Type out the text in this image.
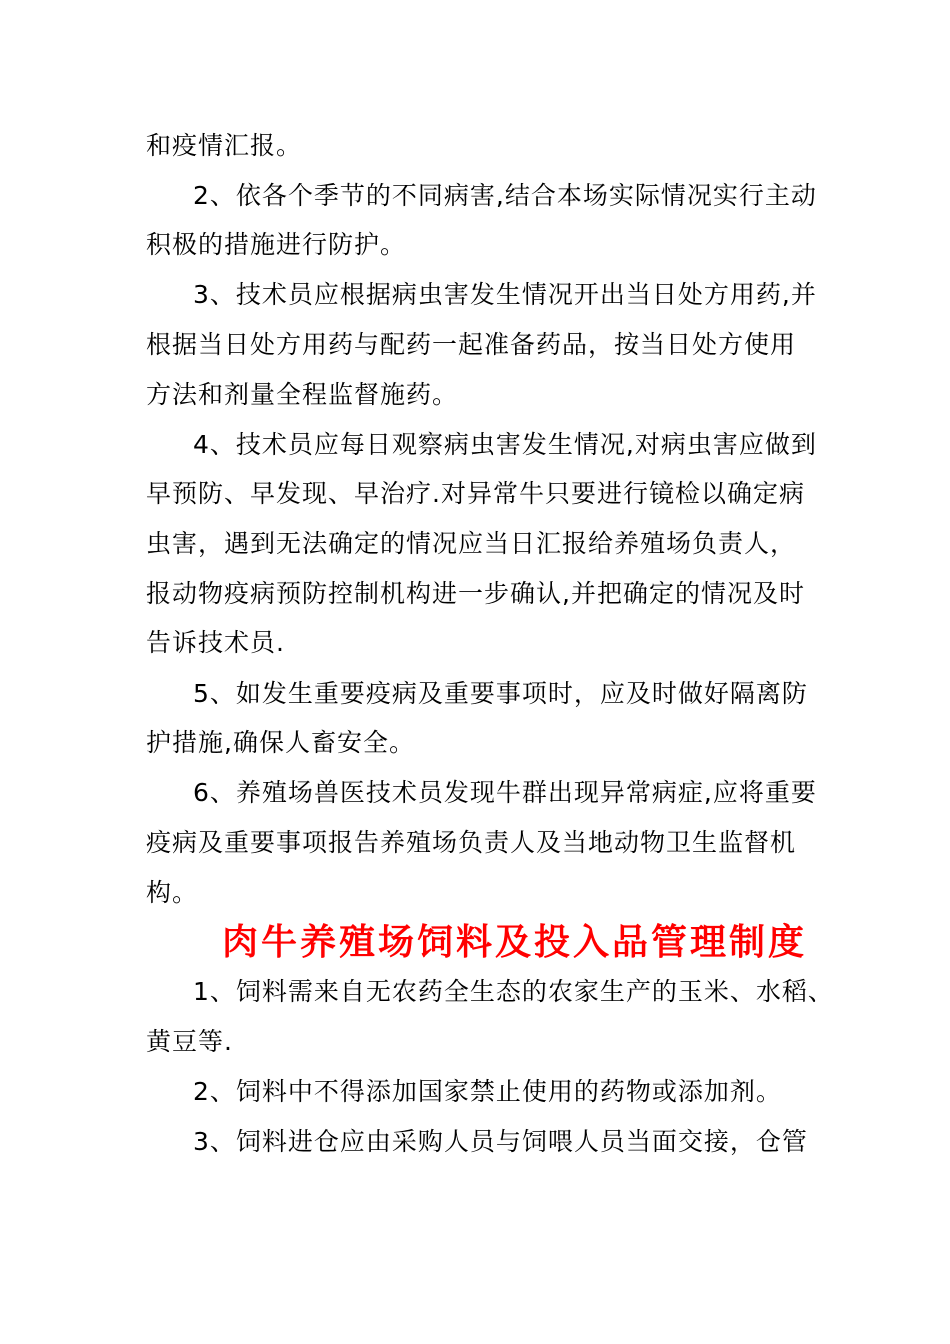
和疫情汇报。
2、依各个季节的不同病害,结合本场实际情况实行主动
积极的措施进行防护。
3、技术员应根据病虫害发生情况开出当日处方用药,并
根据当日处方用药与配药一起准备药品，按当日处方使用
方法和剂量全程监督施药。
4、技术员应每日观察病虫害发生情况,对病虫害应做到
早预防、早发现、早治疗.对异常牛只要进行镜检以确定病
虫害，遇到无法确定的情况应当日汇报给养殖场负责人，
报动物疫病预防控制机构进一步确认,并把确定的情况及时
告诉技术员.
5、如发生重要疫病及重要事项时，应及时做好隔离防
护措施,确保人畜安全。
6、养殖场兽医技术员发现牛群出现异常病症,应将重要
疫病及重要事项报告养殖场负责人及当地动物卫生监督机
构。
肉牛养殖场饲料及投入品管理制度
1、饲料需来自无农药全生态的农家生产的玉米、水稻、
黄豆等.
2、饲料中不得添加国家禁止使用的药物或添加剂。
3、饲料进仓应由采购人员与饲喂人员当面交接，仓管
